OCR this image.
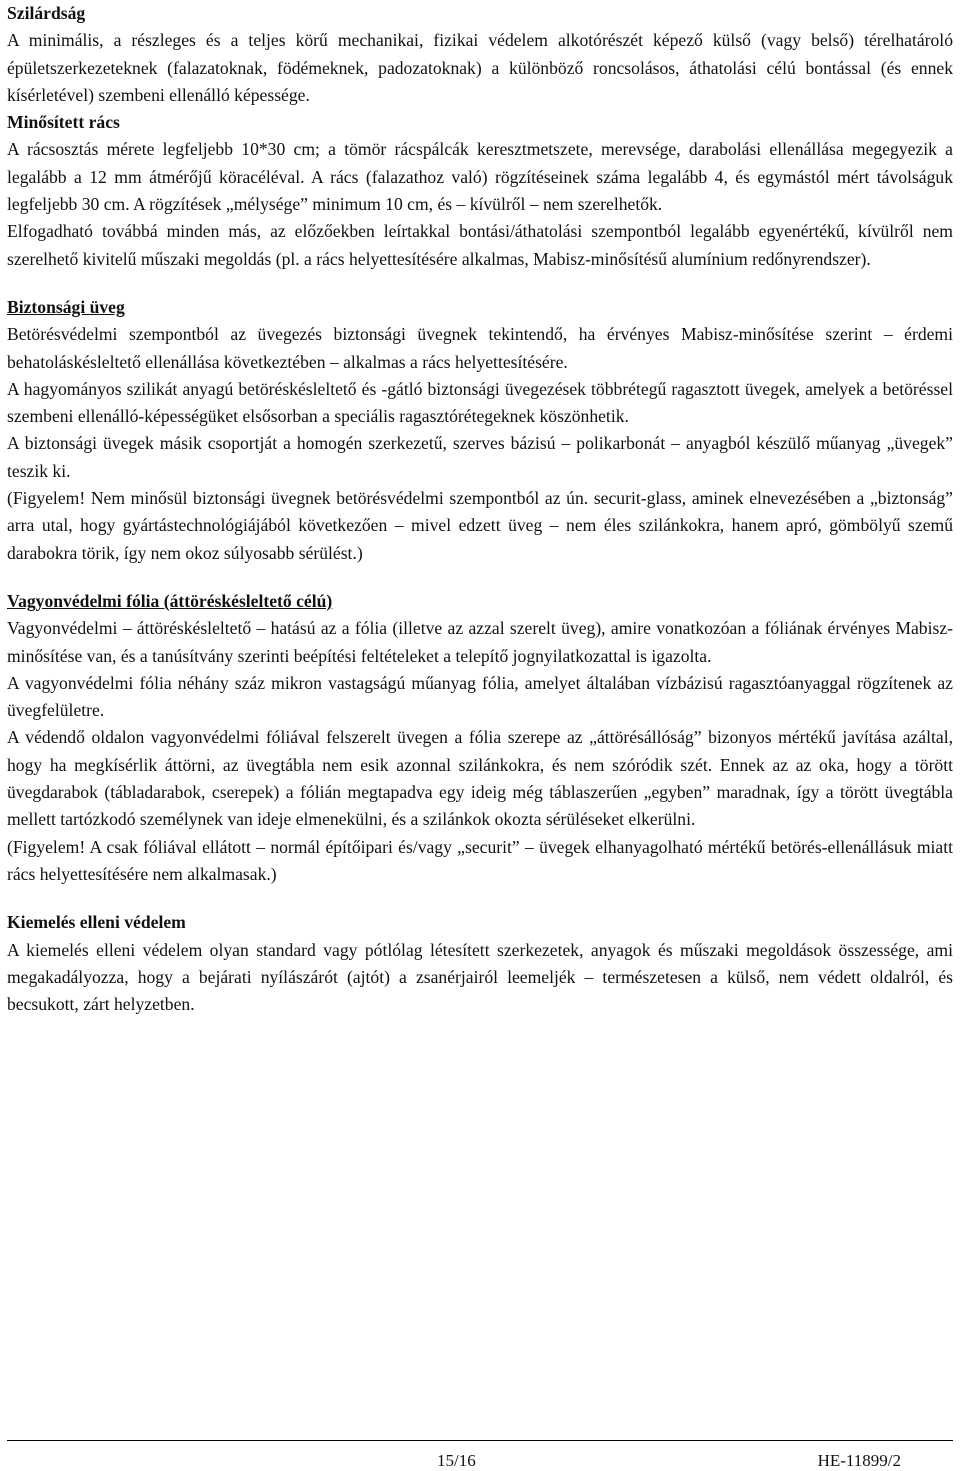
Szilárdság

A minimális, a részleges és a teljes körű mechanikai, fizikai védelem alkotórészét képező külső (vagy belső) térelhatároló épületszerkezeteknek (falazatoknak, födémeknek, padozatoknak) a különböző roncsolásos, áthatolási célú bontással (és ennek kísérletével) szembeni ellenálló képessége.

Minősített rács

A rácsosztás mérete legfeljebb 10*30 cm; a tömör rácspálcák keresztmetszete, merevsége, darabolási ellenállása megegyezik a legalább a 12 mm átmérőjű köracéléval. A rács (falazathoz való) rögzítéseinek száma legalább 4, és egymástól mért távolságuk legfeljebb 30 cm. A rögzítések „mélysége” minimum 10 cm, és – kívülről – nem szerelhetők.

Elfogadható továbbá minden más, az előzőekben leírtakkal bontási/áthatolási szempontból legalább egyenértékű, kívülről nem szerelhető kivitelű műszaki megoldás (pl. a rács helyettesítésére alkalmas, Mabisz-minősítésű alumínium redőnyrendszer).

Biztonsági üveg

Betörésvédelmi szempontból az üvegezés biztonsági üvegnek tekintendő, ha érvényes Mabisz-minősítése szerint – érdemi behatoláskésleltető ellenállása következtében – alkalmas a rács helyettesítésére.

A hagyományos szilikát anyagú betöréskésleltető és -gátló biztonsági üvegezések többrétegű ragasztott üvegek, amelyek a betöréssel szembeni ellenálló-képességüket elsősorban a speciális ragasztórétegeknek köszönhetik.

A biztonsági üvegek másik csoportját a homogén szerkezetű, szerves bázisú – polikarbonát – anyagból készülő műanyag „üvegek” teszik ki.

(Figyelem! Nem minősül biztonsági üvegnek betörésvédelmi szempontból az ún. securit-glass, aminek elnevezésében a „biztonság” arra utal, hogy gyártástechnológiájából következően – mivel edzett üveg – nem éles szilánkokra, hanem apró, gömbölyű szemű darabokra törik, így nem okoz súlyosabb sérülést.)

Vagyonvédelmi fólia (áttöréskésleltető célú)

Vagyonvédelmi – áttöréskésleltető – hatású az a fólia (illetve az azzal szerelt üveg), amire vonatkozóan a fóliának érvényes Mabisz-minősítése van, és a tanúsítvány szerinti beépítési feltételeket a telepítő jognyilatkozattal is igazolta.

A vagyonvédelmi fólia néhány száz mikron vastagságú műanyag fólia, amelyet általában vízbázisú ragasztóanyaggal rögzítenek az üvegfelületre.

A védendő oldalon vagyonvédelmi fóliával felszerelt üvegen a fólia szerepe az „áttörésállóság” bizonyos mértékű javítása azáltal, hogy ha megkísérlik áttörni, az üvegtábla nem esik azonnal szilánkokra, és nem szóródik szét. Ennek az az oka, hogy a törött üvegdarabok (tábladarabok, cserepek) a fólián megtapadva egy ideig még táblaszerűen „egyben” maradnak, így a törött üvegtábla mellett tartózkodó személynek van ideje elmenekülni, és a szilánkok okozta sérüléseket elkerülni.

(Figyelem! A csak fóliával ellátott – normál építőipari és/vagy „securit” – üvegek elhanyagolható mértékű betörés-ellenállásuk miatt rács helyettesítésére nem alkalmasak.)

Kiemelés elleni védelem

A kiemelés elleni védelem olyan standard vagy pótlólag létesített szerkezetek, anyagok és műszaki megoldások összessége, ami megakadályozza, hogy a bejárati nyílászárót (ajtót) a zsanérjairól leemeljék – természetesen a külső, nem védett oldalról, és becsukott, zárt helyzetben.

15/16	HE-11899/2
